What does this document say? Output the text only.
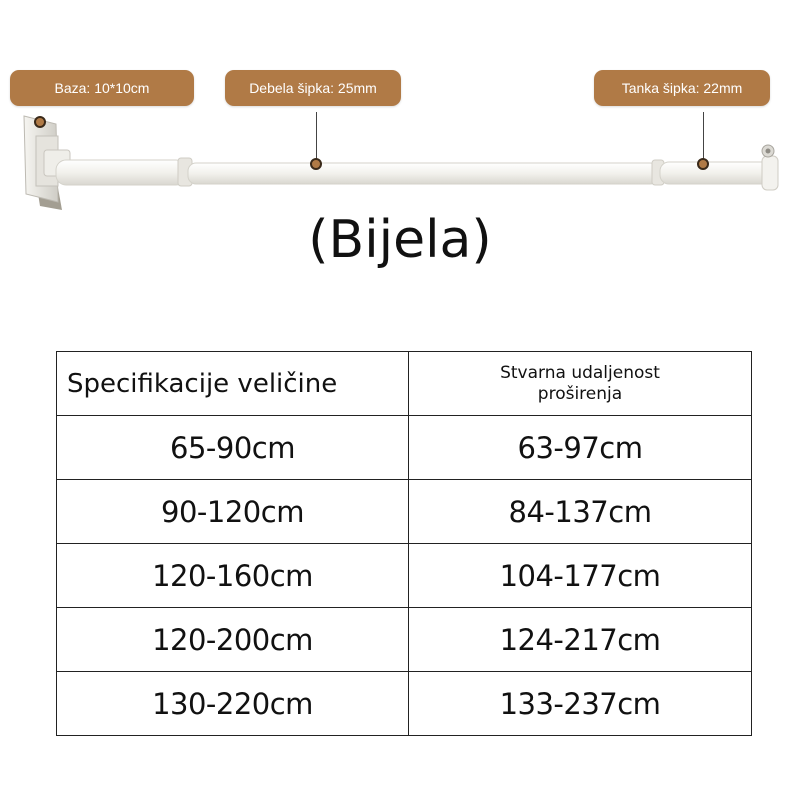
Baza: 10*10cm	Debela šipka: 25mm	Tanka šipka: 22mm
(Bijela)
Specifikacije veličine	Stvarna udaljenost proširenja

65-90cm	63-97cm
90-120cm	84-137cm
120-160cm	104-177cm
120-200cm	124-217cm
130-220cm	133-237cm
